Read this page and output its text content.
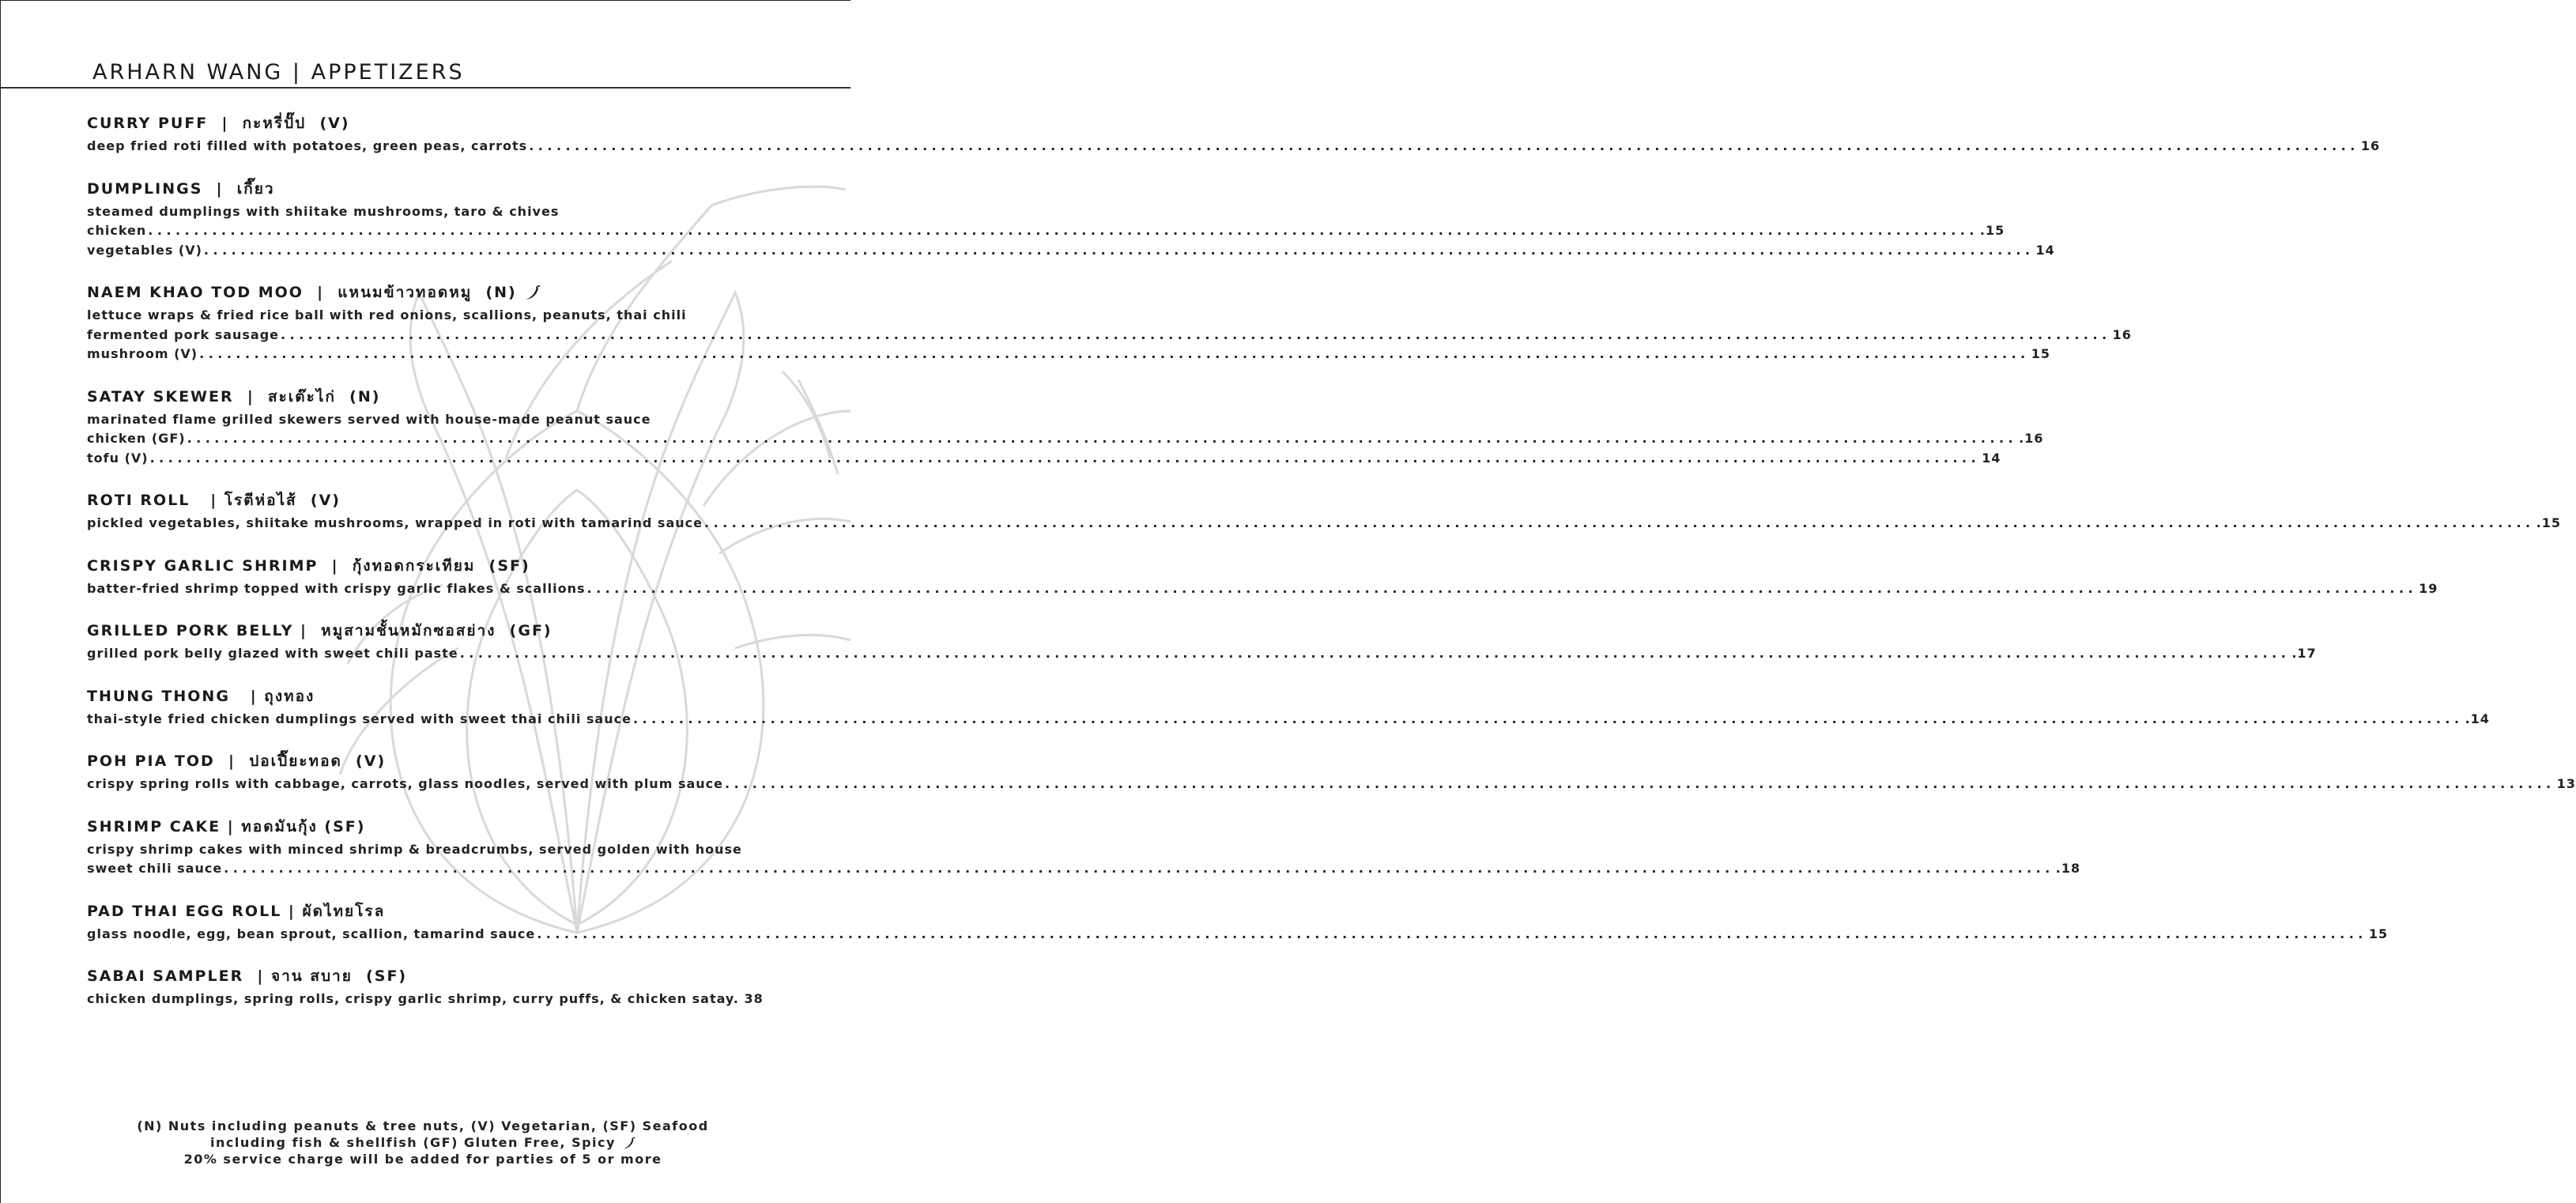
ARHARN WANG | APPETIZERS
CURRY PUFF  |  กะหรี่ปั๊ป  (V)
deep fried roti filled with potatoes, green peas, carrots ........................................................................................................................................................................................................ 16
DUMPLINGS  |  เกี๊ยว
steamed dumplings with shiitake mushrooms, taro & chives
chicken ........................................................................................................................................................................................................ .15
vegetables (V) ........................................................................................................................................................................................................ 14
NAEM KHAO TOD MOO  |  แหนมข้าวทอดหมู  (N)
lettuce wraps & fried rice ball with red onions, scallions, peanuts, thai chili
fermented pork sausage ........................................................................................................................................................................................................ 16
mushroom (V) ........................................................................................................................................................................................................ 15
SATAY SKEWER  |  สะเต๊ะไก่  (N)
marinated flame grilled skewers served with house-made peanut sauce
chicken (GF) ........................................................................................................................................................................................................ .16
tofu (V) ........................................................................................................................................................................................................ 14
ROTI ROLL   | โรตีห่อไส้  (V)
pickled vegetables, shiitake mushrooms, wrapped in roti with tamarind sauce ........................................................................................................................................................................................................ .15
CRISPY GARLIC SHRIMP  |  กุ้งทอดกระเทียม  (SF)
batter-fried shrimp topped with crispy garlic flakes & scallions ........................................................................................................................................................................................................ 19
GRILLED PORK BELLY |  หมูสามชั้นหมักซอสย่าง  (GF)
grilled pork belly glazed with sweet chili paste ........................................................................................................................................................................................................ .17
THUNG THONG   | ถุงทอง
thai-style fried chicken dumplings served with sweet thai chili sauce ........................................................................................................................................................................................................ .14
POH PIA TOD  |  ปอเปี๊ยะทอด  (V)
crispy spring rolls with cabbage, carrots, glass noodles, served with plum sauce ........................................................................................................................................................................................................ 13
SHRIMP CAKE | ทอดมันกุ้ง (SF)
crispy shrimp cakes with minced shrimp & breadcrumbs, served golden with house
sweet chili sauce ........................................................................................................................................................................................................ .18
PAD THAI EGG ROLL | ผัดไทยโรล
glass noodle, egg, bean sprout, scallion, tamarind sauce ........................................................................................................................................................................................................ 15
SABAI SAMPLER  | จาน สบาย  (SF)
chicken dumplings, spring rolls, crispy garlic shrimp, curry puffs, & chicken satay. 38
(N) Nuts including peanuts & tree nuts, (V) Vegetarian, (SF) Seafood
including fish & shellfish (GF) Gluten Free, Spicy
20% service charge will be added for parties of 5 or more
